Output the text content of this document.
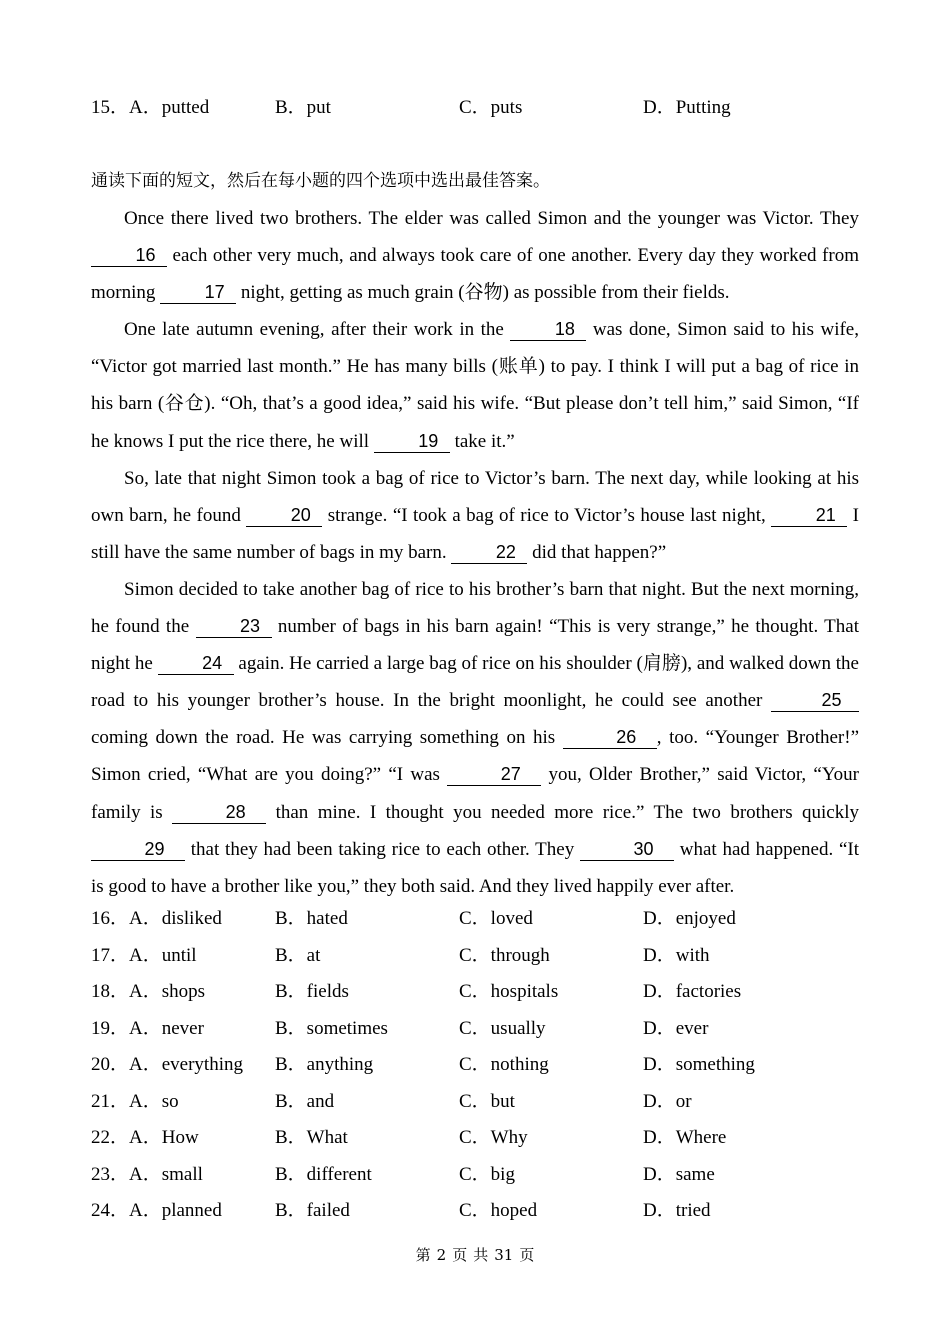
15． A．putted	B．put	C．puts	D．Putting
通读下面的短文，然后在每小题的四个选项中选出最佳答案。

Once there lived two brothers. The elder was called Simon and the younger was Victor. They 16 each other very much, and always took care of one another. Every day they worked from morning	17 night, getting as much grain (谷物) as possible from their fields.

One late autumn evening, after their work in the	18 was done, Simon said to his wife, “Victor got married last month.” He has many bills (账单) to pay. I think I will put a bag of rice in his barn (谷仓). “Oh, that’s a good idea,” said his wife. “But please don’t tell him,” said Simon, “If he knows I put the rice there, he will	19 take it.”

So, late that night Simon took a bag of rice to Victor’s barn. The next day, while looking at his own barn, he found	20 strange. “I took a bag of rice to Victor’s house last night,	21 I still have the same number of bags in my barn.	22 did that happen?”

Simon decided to take another bag of rice to his brother’s barn that night. But the next morning, he found the	23 number of bags in his barn again! “This is very strange,” he thought. That night he	24 again. He carried a large bag of rice on his shoulder (肩膀), and walked down the road to his younger brother’s house. In the bright moonlight, he could see another	25 coming down the road. He was carrying something on his	26 , too. “Younger Brother!” Simon cried, “What are you doing?” “I was	27 you, Older Brother,” said Victor, “Your family is	28 than mine. I thought you needed more rice.” The two brothers quickly 29 that they had been taking rice to each other. They	30 what had happened. “It is good to have a brother like you,” they both said. And they lived happily ever after.

16． A．disliked	B．hated	C．loved	D．enjoyed
17． A．until	B．at	C．through	D．with
18． A．shops	B．fields	C．hospitals	D．factories
19． A．never	B．sometimes	C．usually	D．ever
20． A．everything B．anything	C．nothing	D．something
21． A．so	B．and	C．but	D．or
22． A．How	B．What	C．Why	D．Where
23． A．small	B．different	C．big	D．same
24． A．planned	B．failed	C．hoped	D．tried
第 2 页 共 31 页
